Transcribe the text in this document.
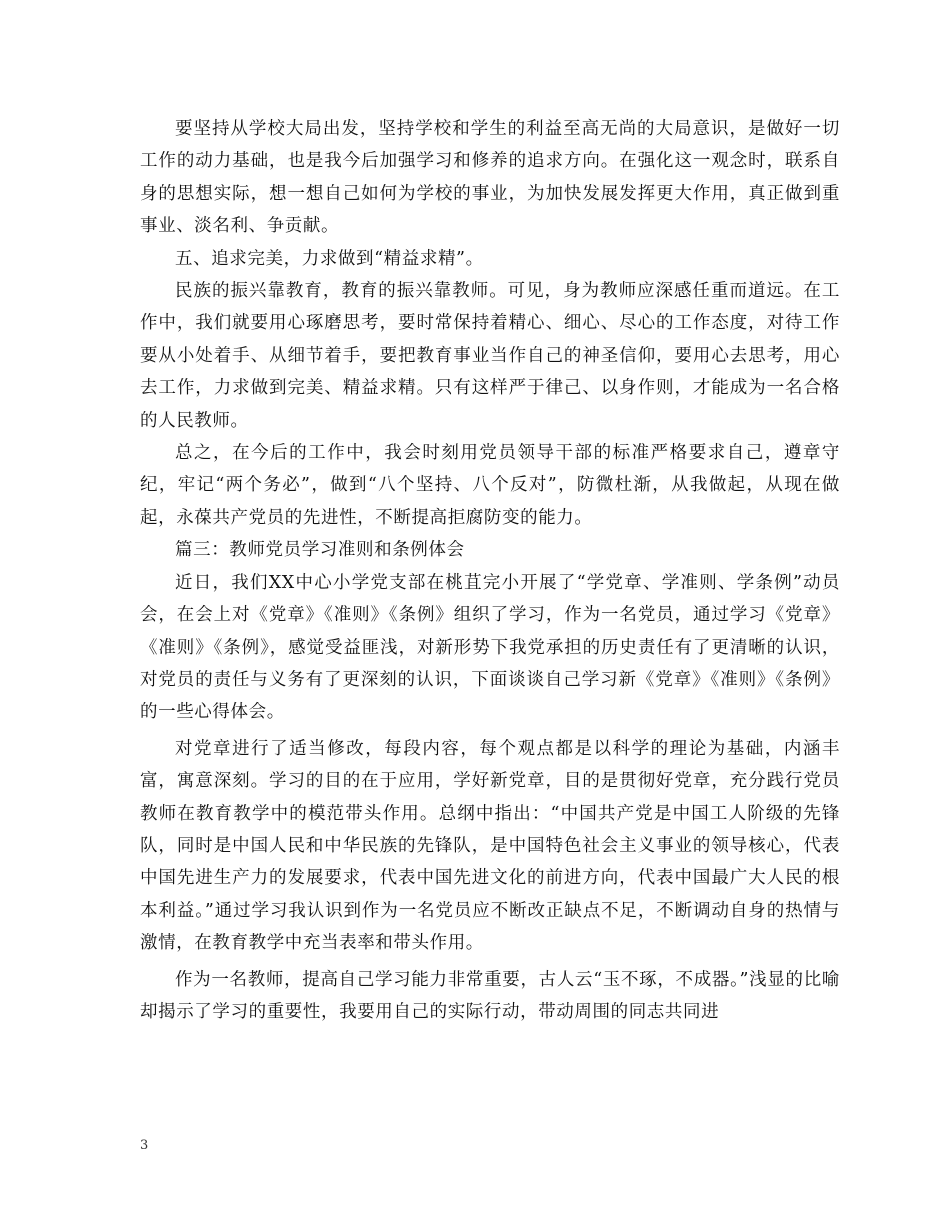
要坚持从学校大局出发，坚持学校和学生的利益至高无尚的大局意识，是做好一切工作的动力基础，也是我今后加强学习和修养的追求方向。在强化这一观念时，联系自身的思想实际，想一想自己如何为学校的事业，为加快发展发挥更大作用，真正做到重事业、淡名利、争贡献。

五、追求完美，力求做到“精益求精”。

民族的振兴靠教育，教育的振兴靠教师。可见，身为教师应深感任重而道远。在工作中，我们就要用心琢磨思考，要时常保持着精心、细心、尽心的工作态度，对待工作要从小处着手、从细节着手，要把教育事业当作自己的神圣信仰，要用心去思考，用心去工作，力求做到完美、精益求精。只有这样严于律己、以身作则，才能成为一名合格的人民教师。

总之，在今后的工作中，我会时刻用党员领导干部的标准严格要求自己，遵章守纪，牢记“两个务必”，做到“八个坚持、八个反对”，防微杜渐，从我做起，从现在做起，永葆共产党员的先进性，不断提高拒腐防变的能力。

篇三：教师党员学习准则和条例体会

近日，我们XX中心小学党支部在桃苴完小开展了“学党章、学准则、学条例”动员会，在会上对《党章》《准则》《条例》组织了学习，作为一名党员，通过学习《党章》《准则》《条例》，感觉受益匪浅，对新形势下我党承担的历史责任有了更清晰的认识，对党员的责任与义务有了更深刻的认识，下面谈谈自己学习新《党章》《准则》《条例》的一些心得体会。

对党章进行了适当修改，每段内容，每个观点都是以科学的理论为基础，内涵丰富，寓意深刻。学习的目的在于应用，学好新党章，目的是贯彻好党章，充分践行党员教师在教育教学中的模范带头作用。总纲中指出：“中国共产党是中国工人阶级的先锋队，同时是中国人民和中华民族的先锋队，是中国特色社会主义事业的领导核心，代表中国先进生产力的发展要求，代表中国先进文化的前进方向，代表中国最广大人民的根本利益。”通过学习我认识到作为一名党员应不断改正缺点不足，不断调动自身的热情与激情，在教育教学中充当表率和带头作用。

作为一名教师，提高自己学习能力非常重要，古人云“玉不琢，不成器。”浅显的比喻却揭示了学习的重要性，我要用自己的实际行动，带动周围的同志共同进

3
